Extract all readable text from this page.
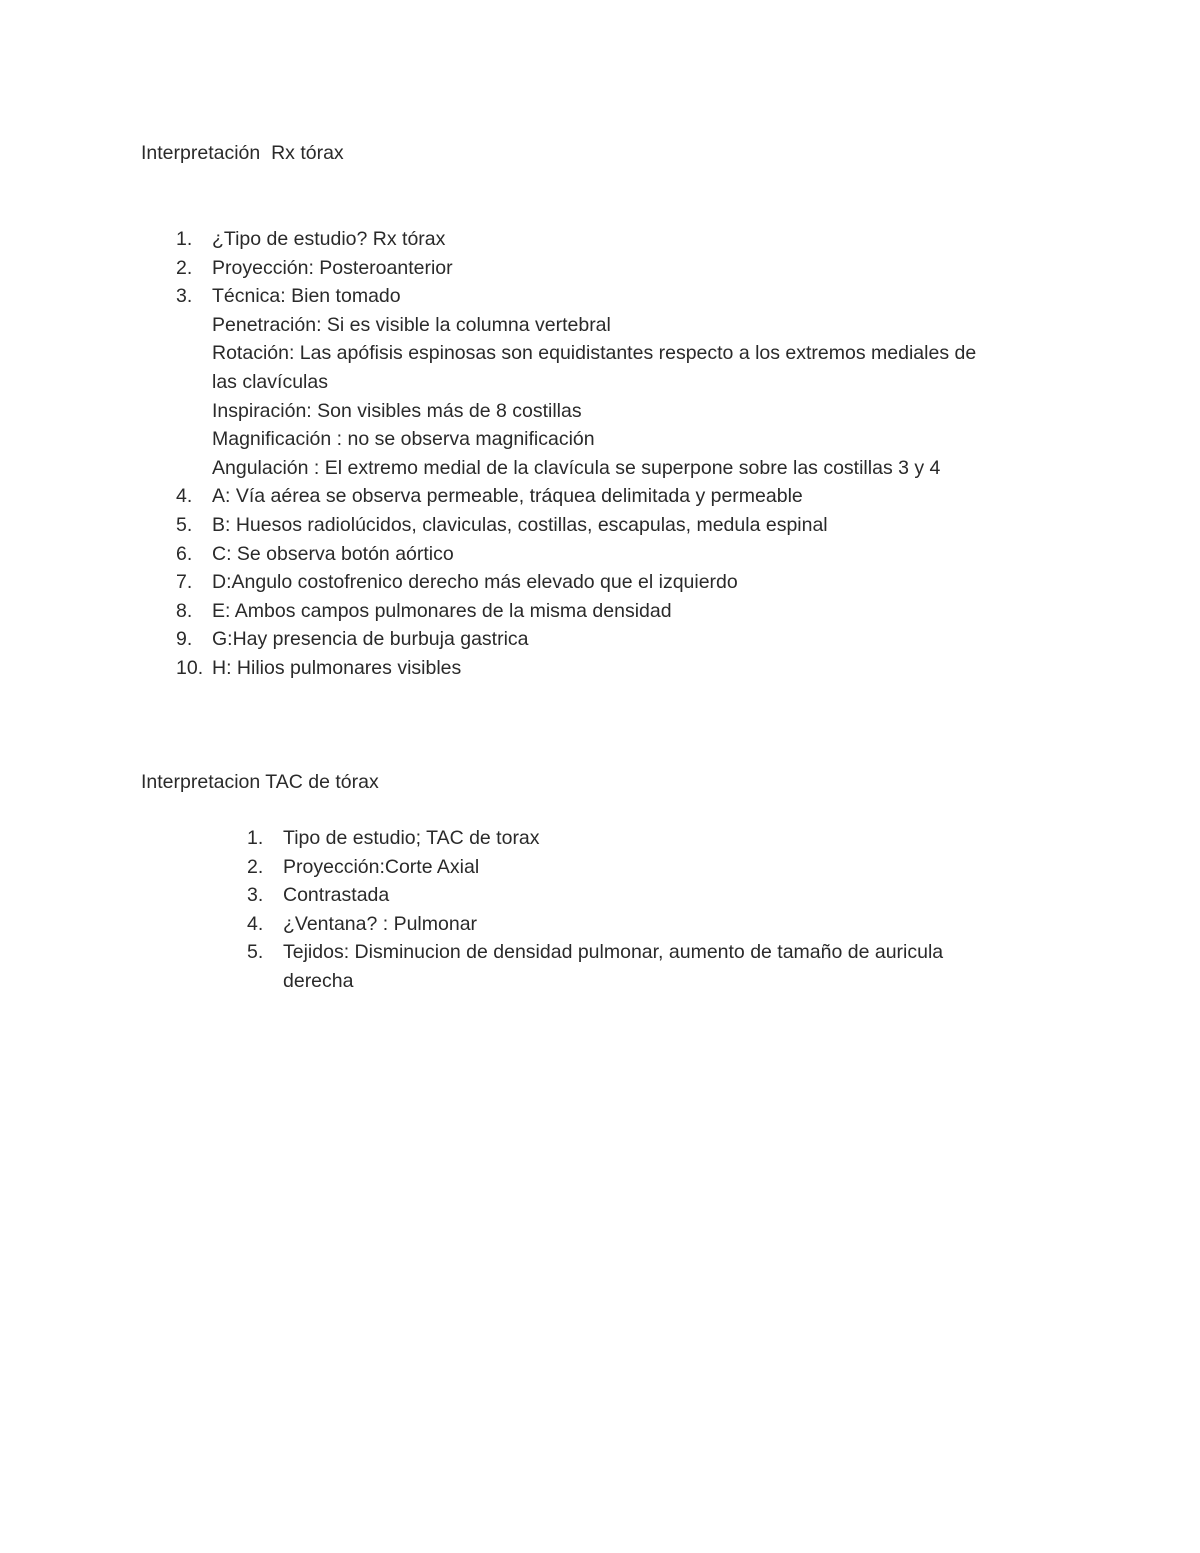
Interpretación  Rx tórax
1.	¿Tipo de estudio? Rx tórax
2.	Proyección: Posteroanterior
3.	Técnica: Bien tomado
Penetración: Si es visible la columna vertebral
Rotación: Las apófisis espinosas son equidistantes respecto a los extremos mediales de
las clavículas
Inspiración: Son visibles más de 8 costillas
Magnificación : no se observa magnificación
Angulación : El extremo medial de la clavícula se superpone sobre las costillas 3 y 4
4.	A: Vía aérea se observa permeable, tráquea delimitada y permeable
5.	B: Huesos radiolúcidos, claviculas, costillas, escapulas, medula espinal
6.	C: Se observa botón aórtico
7.	D:Angulo costofrenico derecho más elevado que el izquierdo
8.	E: Ambos campos pulmonares de la misma densidad
9.	G:Hay presencia de burbuja gastrica
10. H: Hilios pulmonares visibles
Interpretacion TAC de tórax
1.	Tipo de estudio; TAC de torax
2.	Proyección:Corte Axial
3.	Contrastada
4.	¿Ventana? : Pulmonar
5.	Tejidos: Disminucion de densidad pulmonar, aumento de tamaño de auricula
derecha
